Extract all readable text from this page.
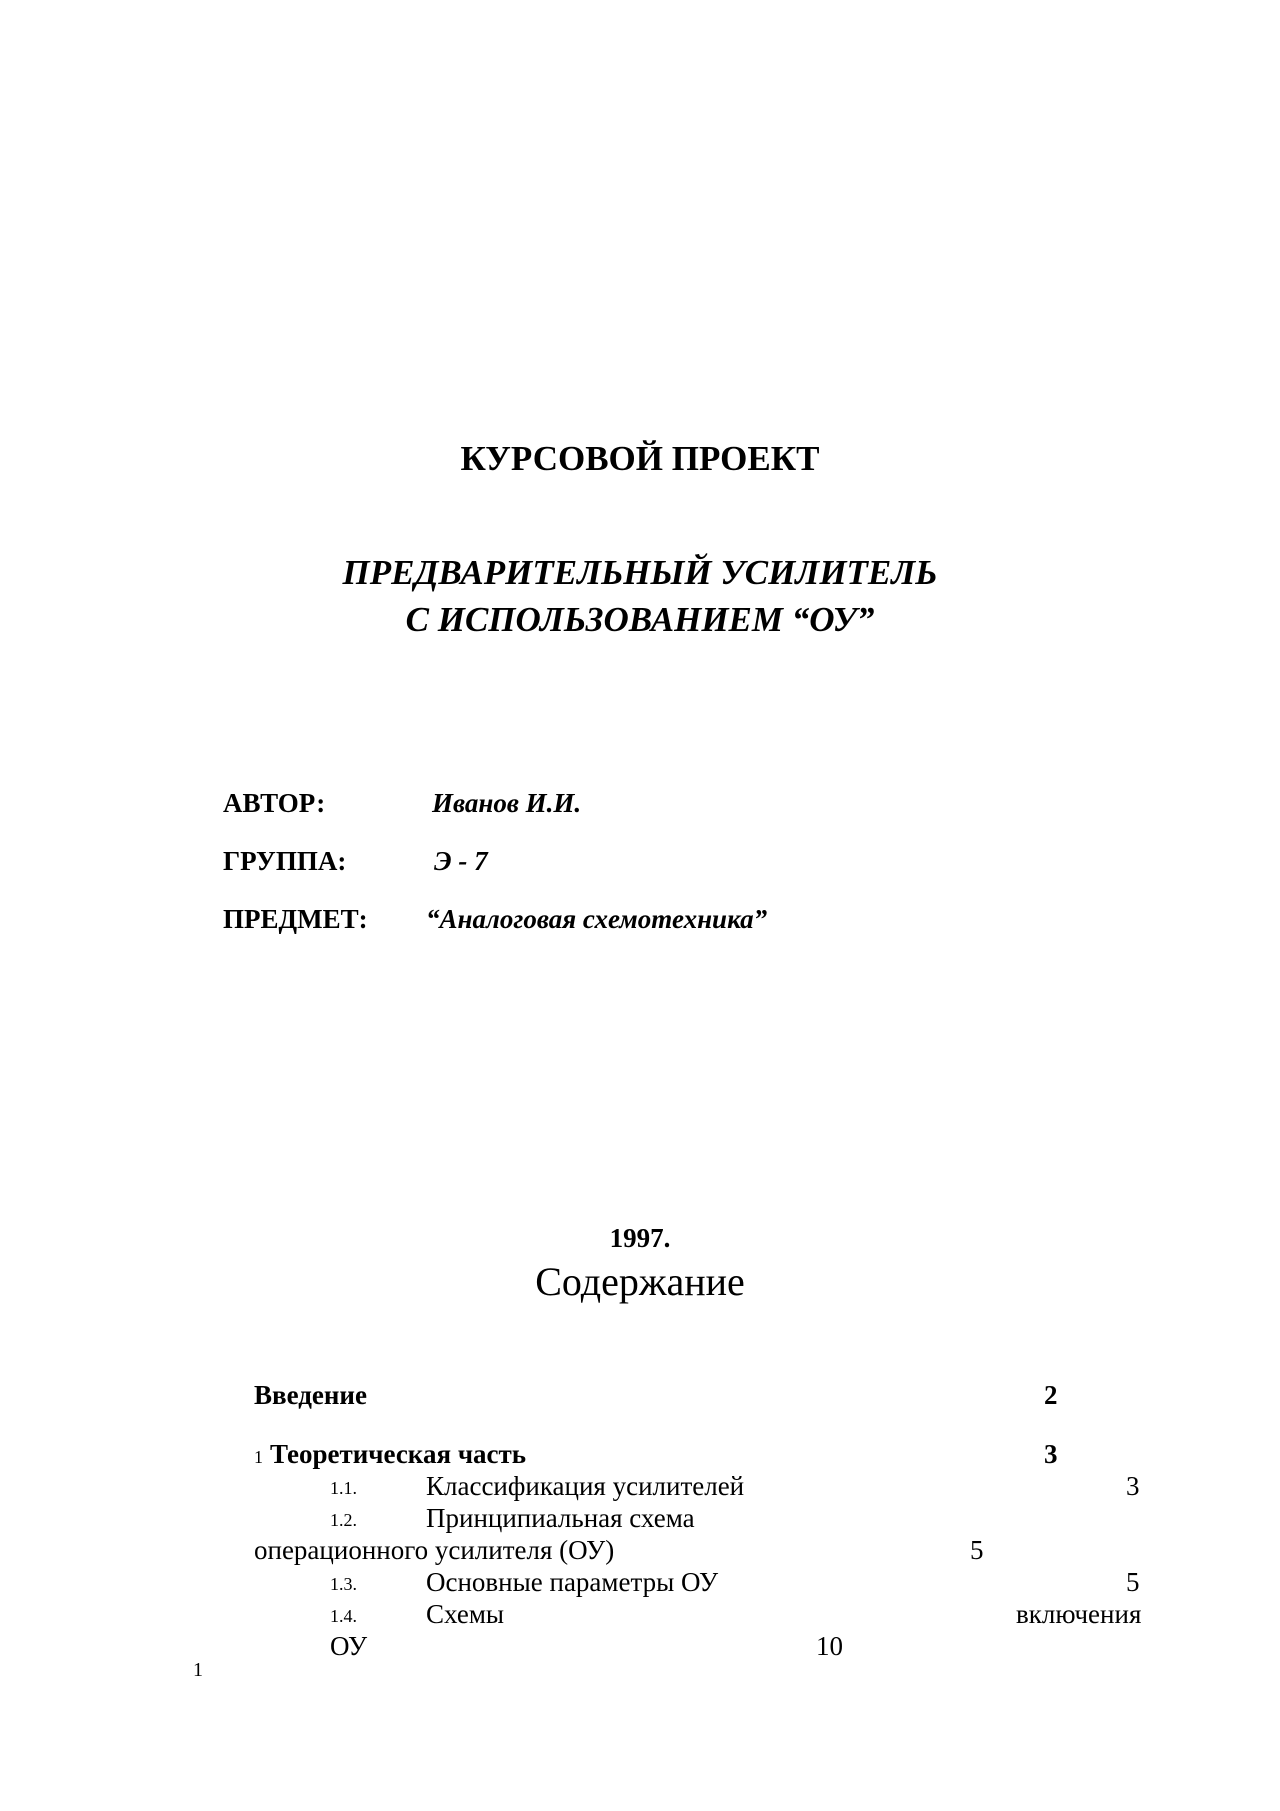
КУРСОВОЙ ПРОЕКТ
ПРЕДВАРИТЕЛЬНЫЙ УСИЛИТЕЛЬ
С ИСПОЛЬЗОВАНИЕМ “ОУ”
АВТОР:	Иванов И.И.
ГРУППА:	Э - 7
ПРЕДМЕТ: “Аналоговая схемотехника”
1997.
Содержание
Введение	2
1 Теоретическая часть	3
1.1.	Классификация усилителей	3
1.2.	Принципиальная схема
операционного усилителя (ОУ)	5
1.3.	Основные параметры ОУ	5
1.4.	Схемы	включения
ОУ	10
1
